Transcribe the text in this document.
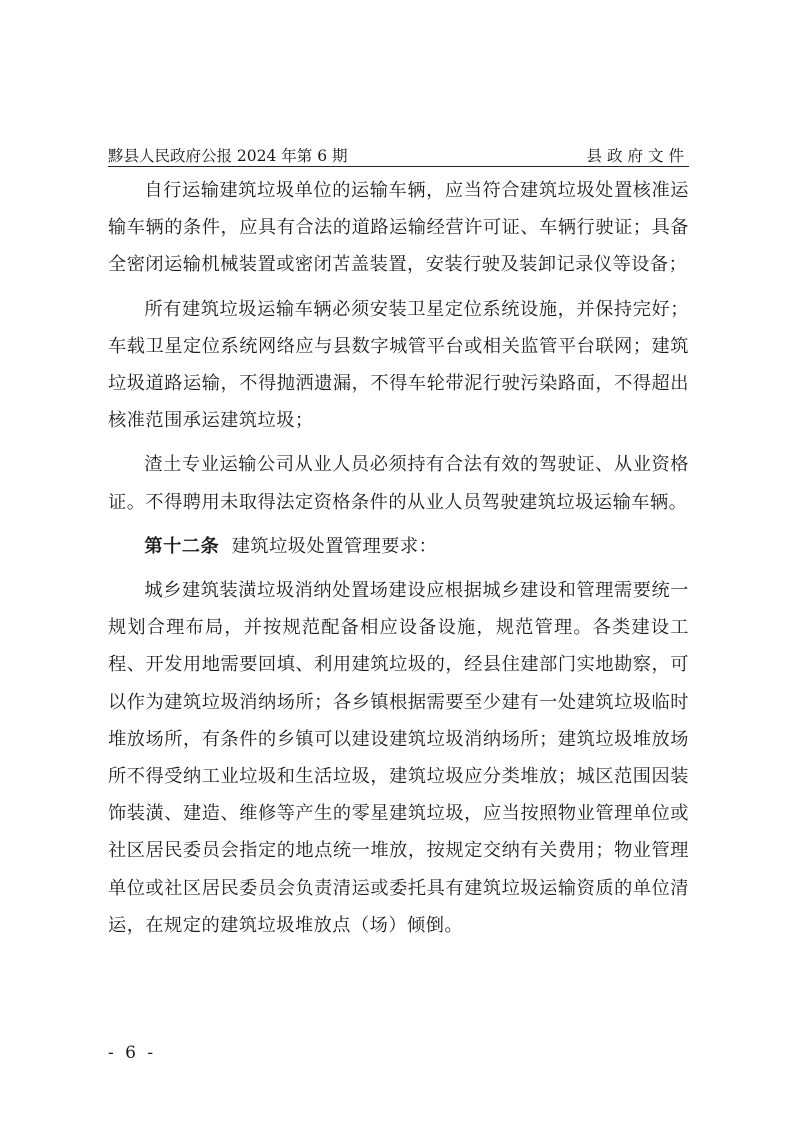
黟县人民政府公报 2024 年第 6 期	县政府文件

自行运输建筑垃圾单位的运输车辆，应当符合建筑垃圾处置核准运输车辆的条件，应具有合法的道路运输经营许可证、车辆行驶证；具备全密闭运输机械装置或密闭苫盖装置，安装行驶及装卸记录仪等设备；

所有建筑垃圾运输车辆必须安装卫星定位系统设施，并保持完好；车载卫星定位系统网络应与县数字城管平台或相关监管平台联网；建筑垃圾道路运输，不得抛洒遗漏，不得车轮带泥行驶污染路面，不得超出核准范围承运建筑垃圾；

渣土专业运输公司从业人员必须持有合法有效的驾驶证、从业资格证。不得聘用未取得法定资格条件的从业人员驾驶建筑垃圾运输车辆。

第十二条 建筑垃圾处置管理要求：

城乡建筑装潢垃圾消纳处置场建设应根据城乡建设和管理需要统一规划合理布局，并按规范配备相应设备设施，规范管理。各类建设工程、开发用地需要回填、利用建筑垃圾的，经县住建部门实地勘察，可以作为建筑垃圾消纳场所；各乡镇根据需要至少建有一处建筑垃圾临时堆放场所，有条件的乡镇可以建设建筑垃圾消纳场所；建筑垃圾堆放场所不得受纳工业垃圾和生活垃圾，建筑垃圾应分类堆放；城区范围因装饰装潢、建造、维修等产生的零星建筑垃圾，应当按照物业管理单位或社区居民委员会指定的地点统一堆放，按规定交纳有关费用；物业管理单位或社区居民委员会负责清运或委托具有建筑垃圾运输资质的单位清运，在规定的建筑垃圾堆放点（场）倾倒。

- 6 -
